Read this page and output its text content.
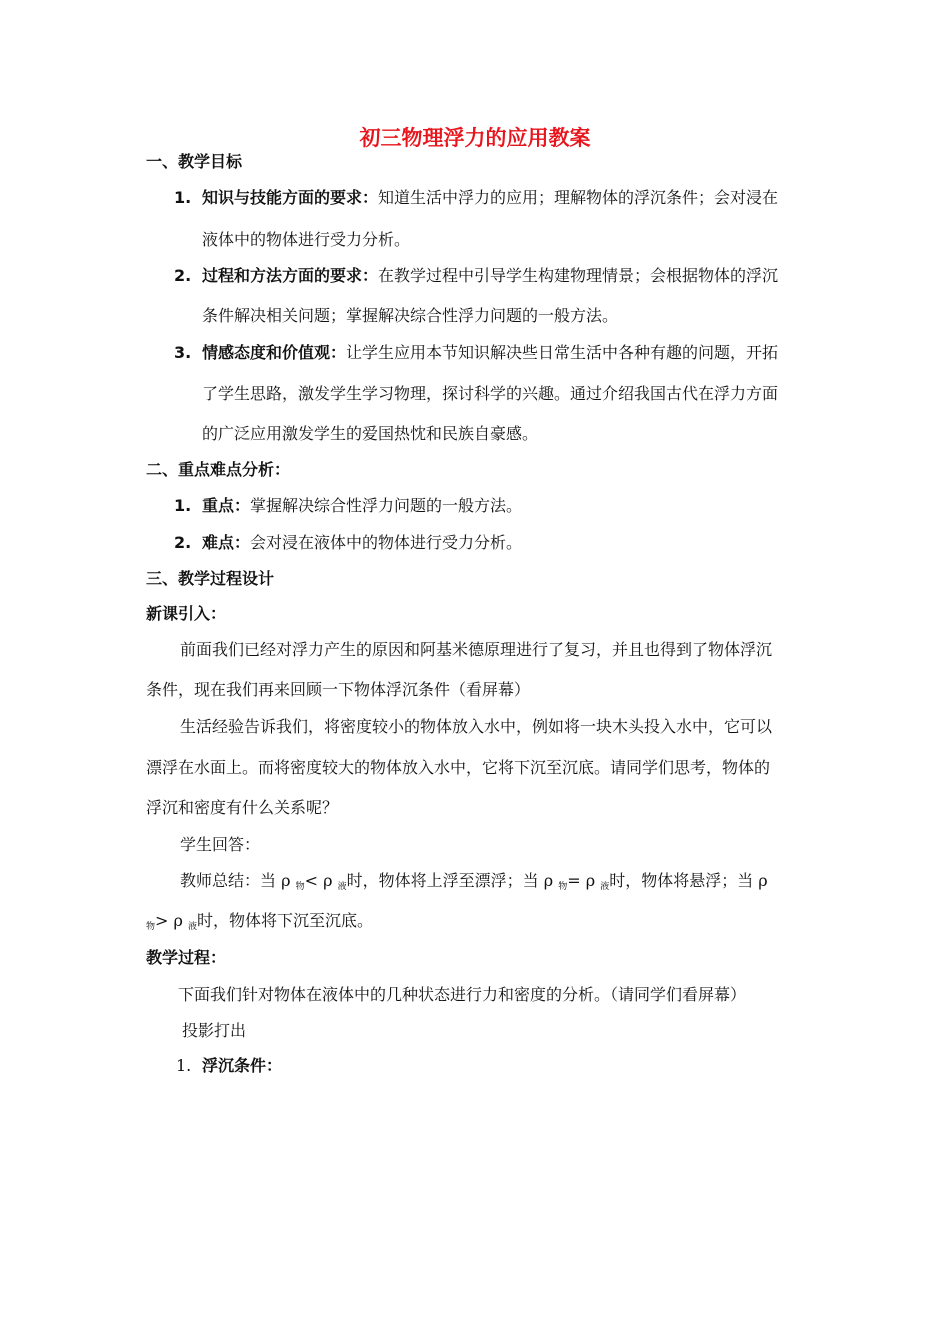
初三物理浮力的应用教案
一、教学目标
1. 知识与技能方面的要求：知道生活中浮力的应用；理解物体的浮沉条件；会对浸在
液体中的物体进行受力分析。
2. 过程和方法方面的要求：在教学过程中引导学生构建物理情景；会根据物体的浮沉
条件解决相关问题；掌握解决综合性浮力问题的一般方法。
3. 情感态度和价值观：让学生应用本节知识解决些日常生活中各种有趣的问题，开拓
了学生思路，激发学生学习物理，探讨科学的兴趣。通过介绍我国古代在浮力方面
的广泛应用激发学生的爱国热忱和民族自豪感。
二、重点难点分析：
1. 重点：掌握解决综合性浮力问题的一般方法。
2. 难点：会对浸在液体中的物体进行受力分析。
三、教学过程设计
新课引入：
前面我们已经对浮力产生的原因和阿基米德原理进行了复习，并且也得到了物体浮沉
条件，现在我们再来回顾一下物体浮沉条件（看屏幕）
生活经验告诉我们，将密度较小的物体放入水中，例如将一块木头投入水中，它可以
漂浮在水面上。而将密度较大的物体放入水中，它将下沉至沉底。请同学们思考，物体的
浮沉和密度有什么关系呢？
学生回答：
教师总结：当 ρ $_物$< ρ $_液$时，物体将上浮至漂浮；当 ρ $_物$= ρ $_液$时，物体将悬浮；当 ρ
$_物$> ρ $_液$时，物体将下沉至沉底。
教学过程：
下面我们针对物体在液体中的几种状态进行力和密度的分析。（请同学们看屏幕）
投影打出
1. 浮沉条件：
